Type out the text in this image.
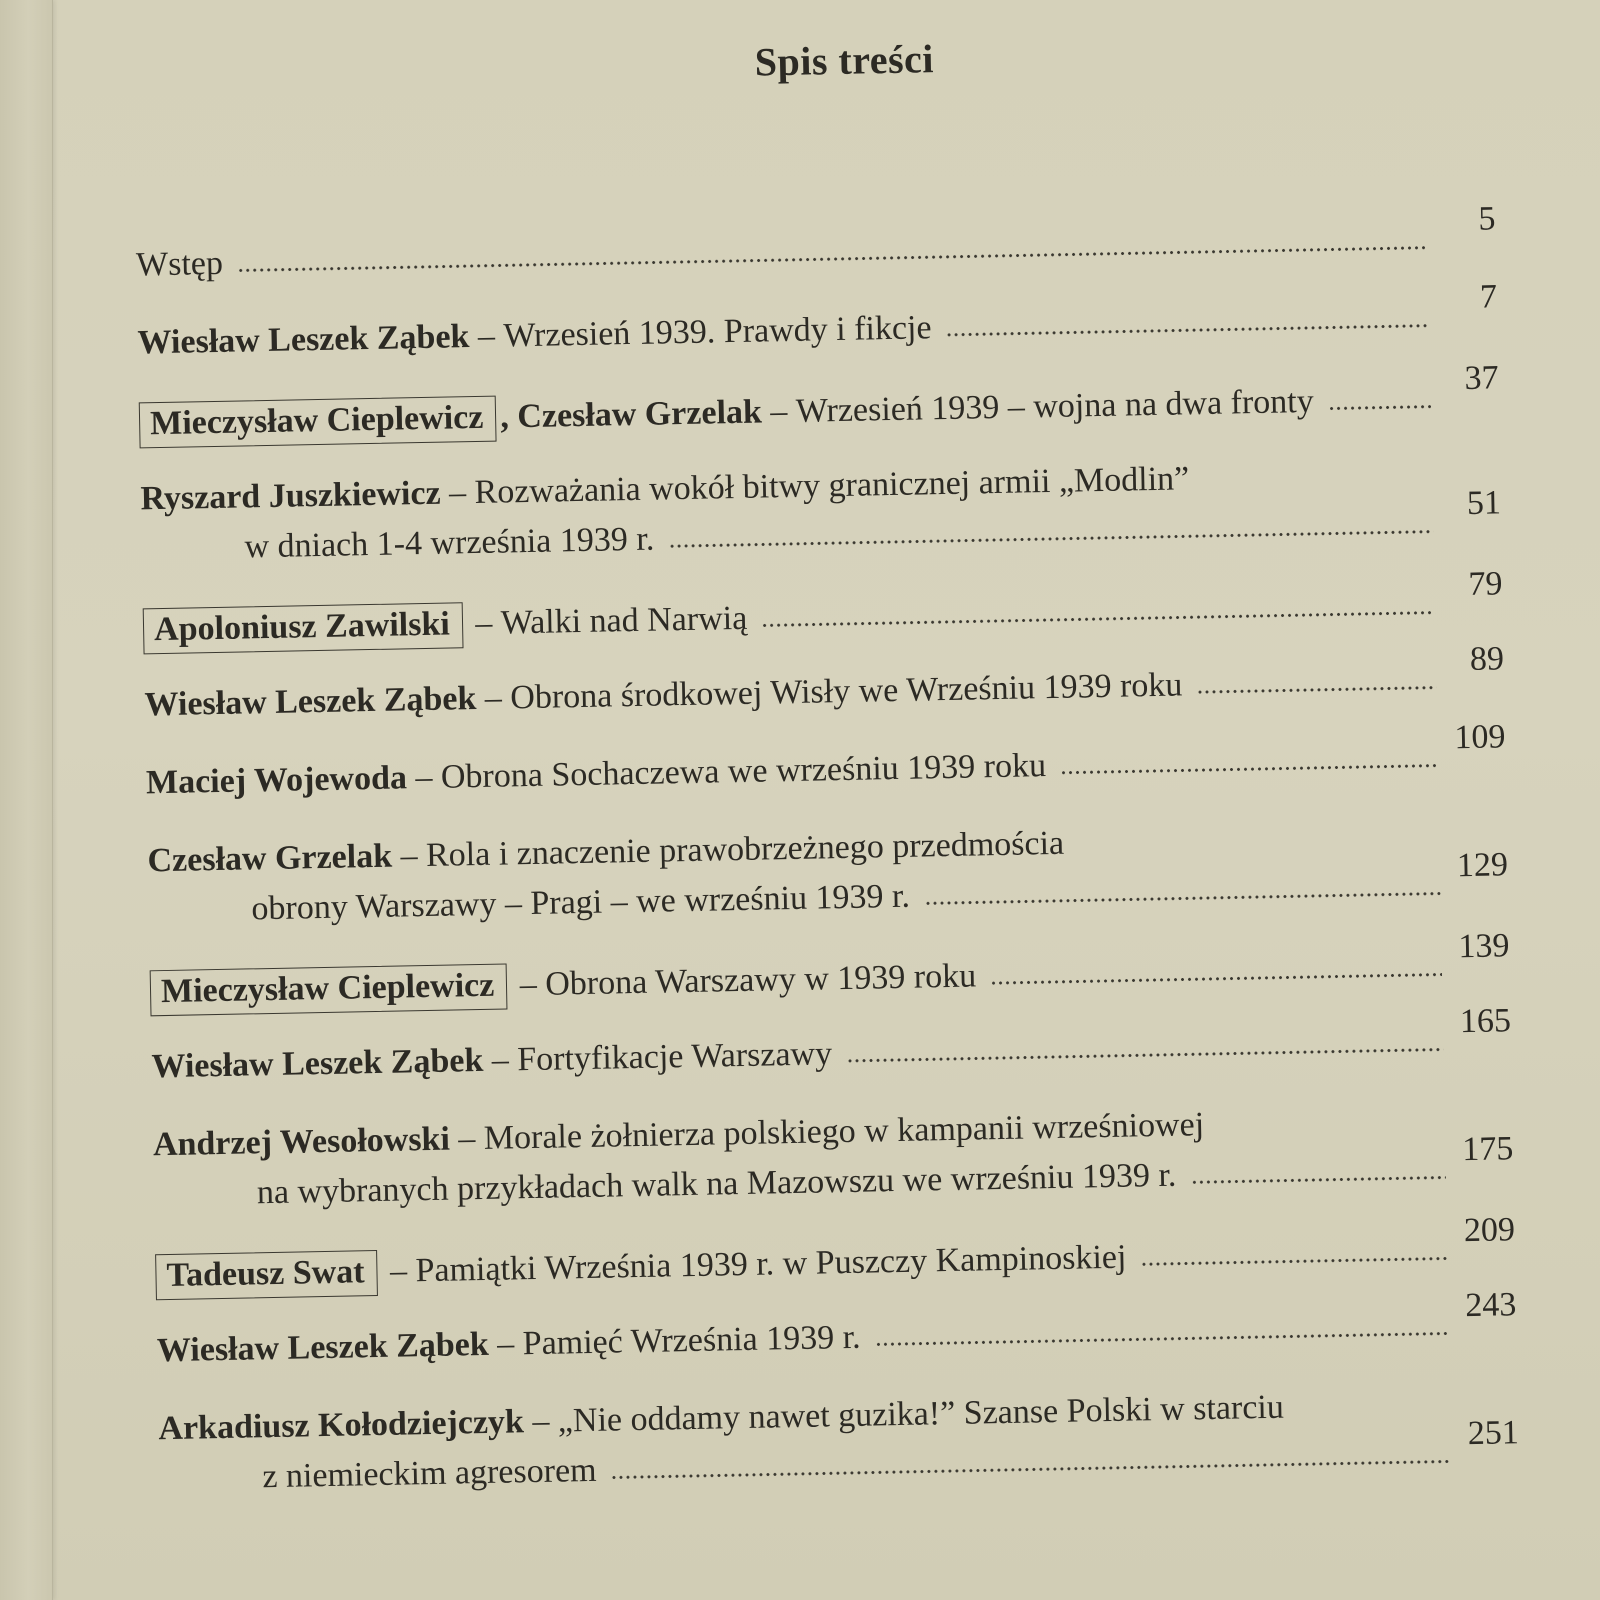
Spis treści
Wstęp
5
Wiesław Leszek Ząbek
–
Wrzesień 1939. Prawdy i fikcje
7
Mieczysław Cieplewicz , Czesław Grzelak
–
Wrzesień 1939 – wojna na dwa fronty
37
Ryszard Juszkiewicz
–
Rozważania wokół bitwy granicznej armii „Modlin”
w dniach 1-4 września 1939 r.
51
Apoloniusz Zawilski
–
Walki nad Narwią
79
Wiesław Leszek Ząbek
–
Obrona środkowej Wisły we Wrześniu 1939 roku
89
Maciej Wojewoda
–
Obrona Sochaczewa we wrześniu 1939 roku
109
Czesław Grzelak
–
Rola i znaczenie prawobrzeżnego przedmościa
obrony Warszawy – Pragi – we wrześniu 1939 r.
129
Mieczysław Cieplewicz
–
Obrona Warszawy w 1939 roku
139
Wiesław Leszek Ząbek
–
Fortyfikacje Warszawy
165
Andrzej Wesołowski
–
Morale żołnierza polskiego w kampanii wrześniowej
na wybranych przykładach walk na Mazowszu we wrześniu 1939 r.
175
Tadeusz Swat
–
Pamiątki Września 1939 r. w Puszczy Kampinoskiej
209
Wiesław Leszek Ząbek
–
Pamięć Września 1939 r.
243
Arkadiusz Kołodziejczyk
–
„Nie oddamy nawet guzika!” Szanse Polski w starciu
z niemieckim agresorem
251
